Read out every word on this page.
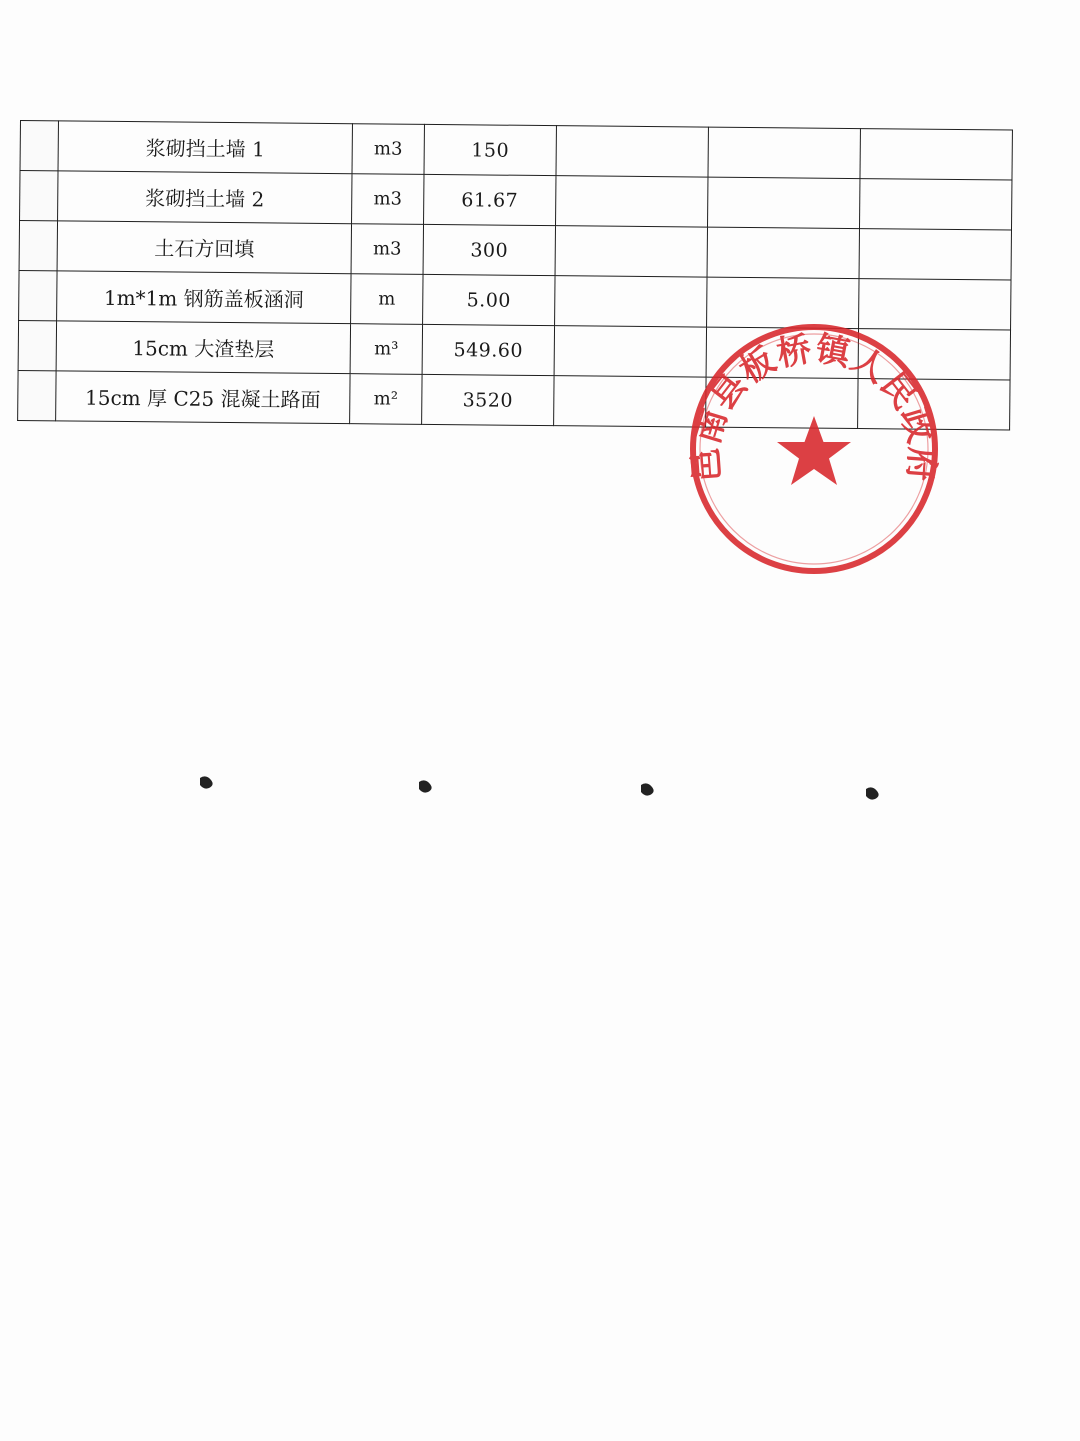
	浆砌挡土墙 1	m3	150			
	浆砌挡土墙 2	m3	61.67			
	土石方回填	m3	300			
	1m*1m 钢筋盖板涵洞	m	5.00			
	15cm 大渣垫层	m³	549.60			
	15cm 厚 C25 混凝土路面	m²	3520			
邑南县板桥镇人民政府
